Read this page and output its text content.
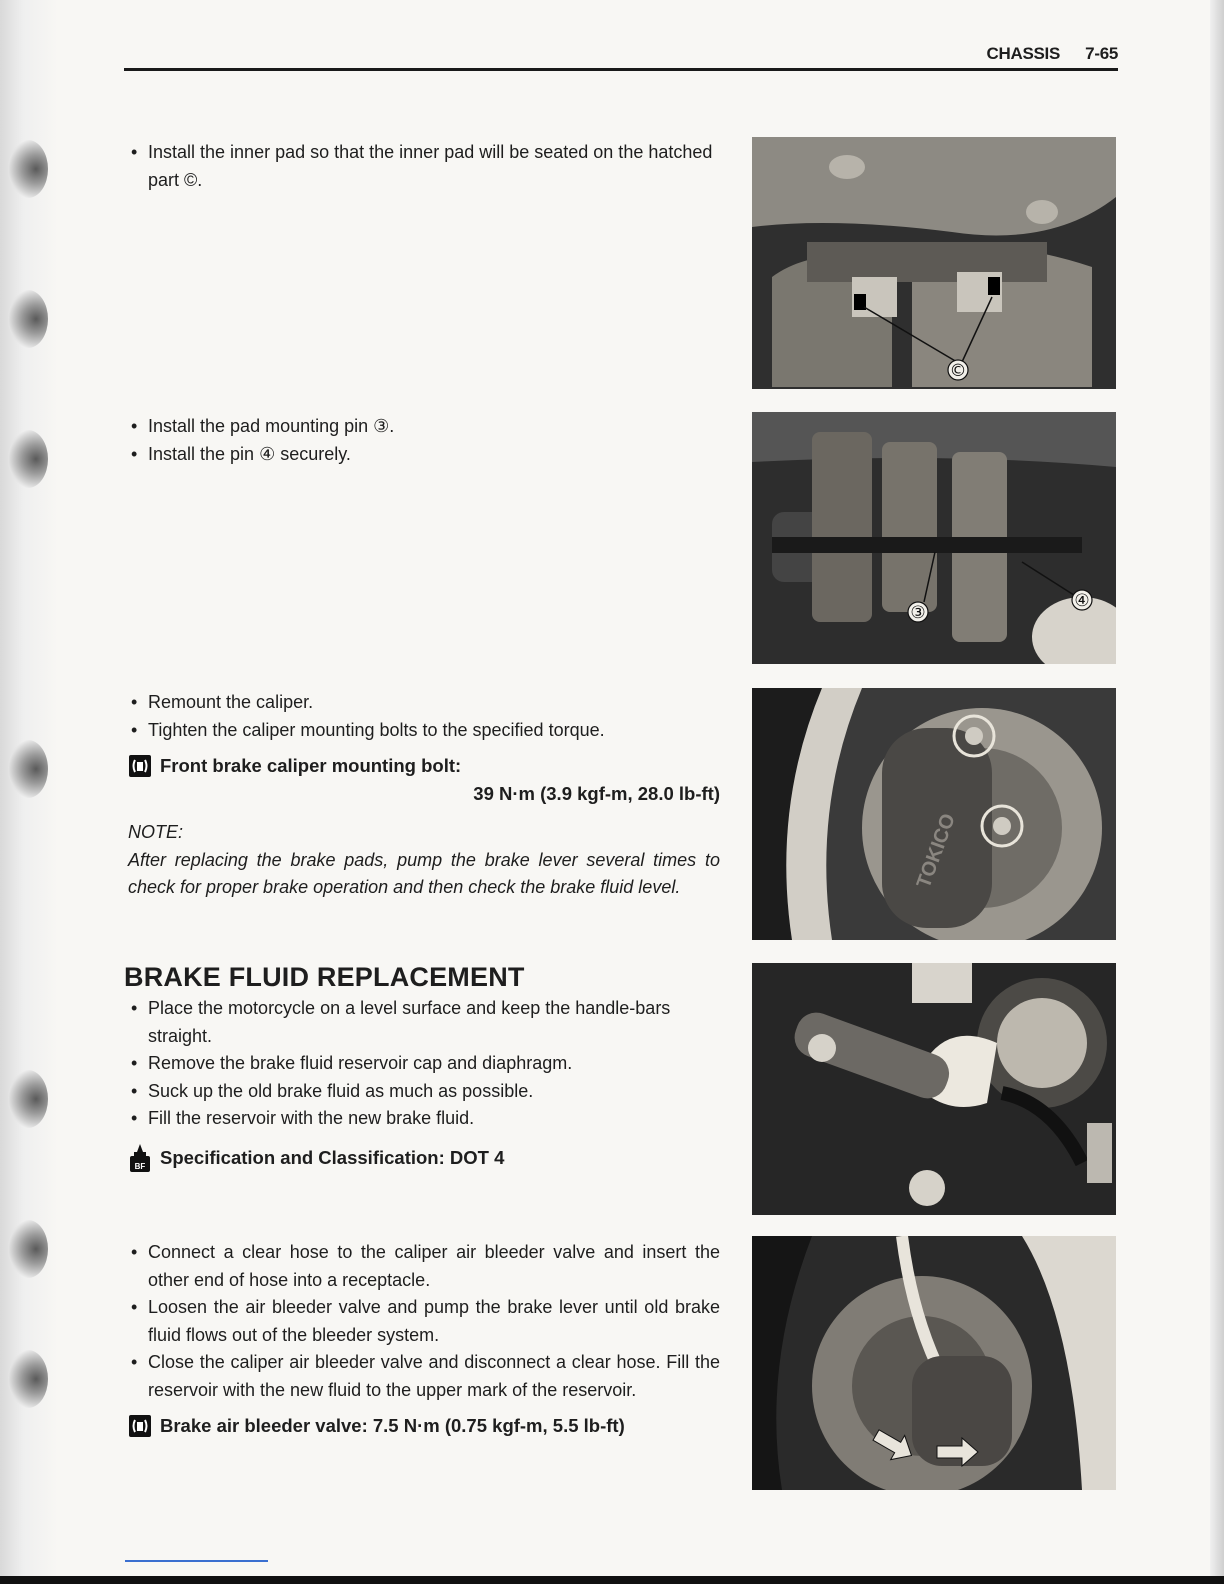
CHASSIS 7-65
• Install the inner pad so that the inner pad will be seated on the hatched part ©.
• Install the pad mounting pin ③.
• Install the pin ④ securely.
• Remount the caliper.
• Tighten the caliper mounting bolts to the specified torque.
Front brake caliper mounting bolt:
39 N·m (3.9 kgf-m, 28.0 lb-ft)
NOTE:
After replacing the brake pads, pump the brake lever several times to check for proper brake operation and then check the brake fluid level.
BRAKE FLUID REPLACEMENT
• Place the motorcycle on a level surface and keep the handle-bars straight.
• Remove the brake fluid reservoir cap and diaphragm.
• Suck up the old brake fluid as much as possible.
• Fill the reservoir with the new brake fluid.
BF Specification and Classification: DOT 4
• Connect a clear hose to the caliper air bleeder valve and insert the other end of hose into a receptacle.
• Loosen the air bleeder valve and pump the brake lever until old brake fluid flows out of the bleeder system.
• Close the caliper air bleeder valve and disconnect a clear hose. Fill the reservoir with the new fluid to the upper mark of the reservoir.
Brake air bleeder valve: 7.5 N·m (0.75 kgf-m, 5.5 lb-ft)
©
③
④
TOKICO
